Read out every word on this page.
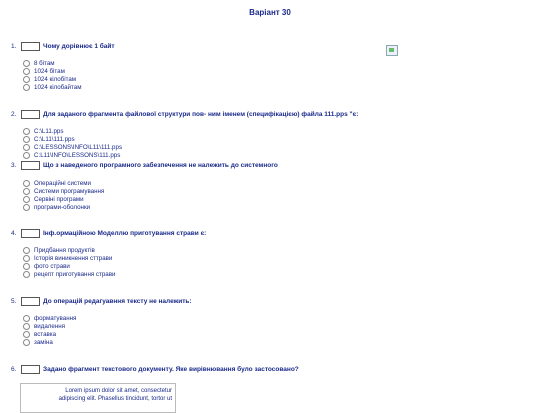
Варіант 30
1.	Чому дорівнює 1 байт
8 бітам
1024 бітам
1024 кілобітам
1024 кілобайтам
2.	Для заданого фрагмента файлової структури пов- ним іменем (специфікацією) файла 111.pps "є:
C:\L11.pps
C:\L11\111.pps
C:\LESSONS\INFO\L11\111.pps
C:L11\INFO\LESSONS\111.pps
3.	Що з наведеного програмного забезпечення не належить до системного
Операційні системи
Системи програмування
Сервіні програми
програми-оболонки
4.	Інф.ормаційною Моделлю приготування страви є:
Придбання продуктів
Історія виникнення сттрави
фото страви
рецепт приготування страви
5.	До операцій редагуавння тексту не належить:
форматування
видалення
вставка
заміна
6.	Задано фрагмент текстового документу. Яке вирівнювання було застосовано?
Lorem ipsum dolor sit amet, consectetur
adipiscing elit. Phasellus tincidunt, tortor ut
